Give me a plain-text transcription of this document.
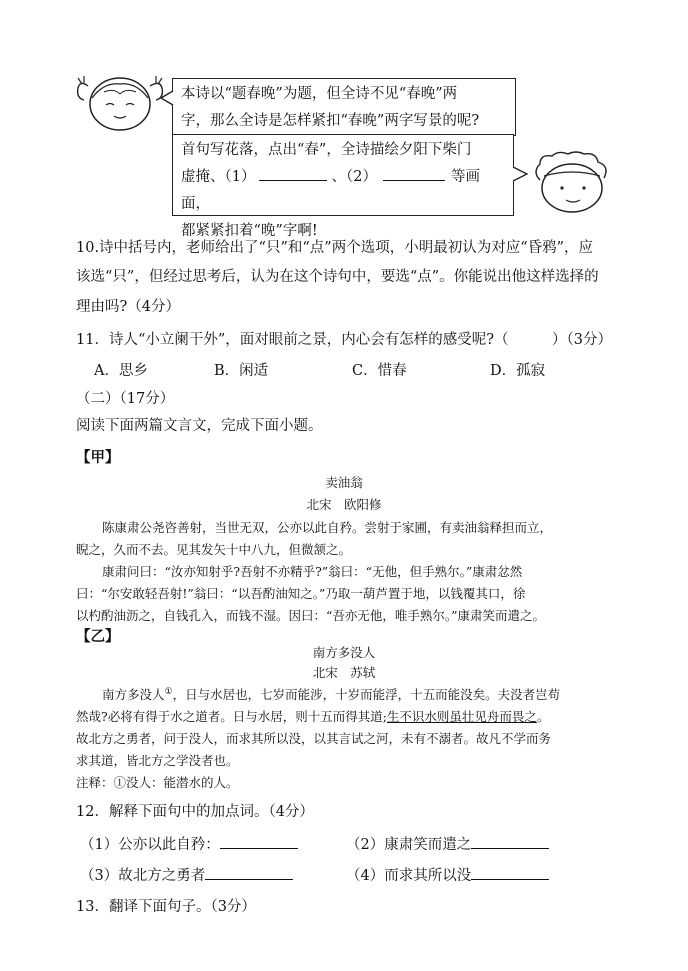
本诗以“题春晚”为题，但全诗不见“春晚”两
字，那么全诗是怎样紧扣“春晚”两字写景的呢?
首句写花落，点出“春”，全诗描绘夕阳下柴门
虚掩、（1）	、（2）	等画面，
都紧紧扣着“晚”字啊!
10.诗中括号内，老师给出了“只”和“点”两个选项，小明最初认为对应“昏鸦”，应
该选“只”，但经过思考后，认为在这个诗句中，要选“点”。你能说出他这样选择的
理由吗?（4分）
11．诗人“小立阑干外”，面对眼前之景，内心会有怎样的感受呢?（	）（3分）
A．思乡	B．闲适	C．惜春	D．孤寂
（二）（17分）
阅读下面两篇文言文，完成下面小题。
【甲】
卖油翁
北宋　欧阳修
陈康肃公尧咨善射，当世无双，公亦以此自矜。尝射于家圃，有卖油翁释担而立，
睨之，久而不去。见其发矢十中八九，但微颔之。
康肃问曰：“汝亦知射乎?吾射不亦精乎?”翁曰：“无他，但手熟尔。”康肃忿然
曰：“尔安敢轻吾射!”翁曰：“以吾酌油知之。”乃取一葫芦置于地，以钱覆其口，徐
以杓酌油沥之，自钱孔入，而钱不湿。因曰：“吾亦无他，唯手熟尔。”康肃笑而遣之。
【乙】
南方多没人
北宋　苏轼
南方多没人①，日与水居也，七岁而能涉，十岁而能浮，十五而能没矣。夫没者岂苟
然哉?必将有得于水之道者。日与水居，则十五而得其道;生不识水则虽壮见舟而畏之。
故北方之勇者，问于没人，而求其所以没，以其言试之河，未有不溺者。故凡不学而务
求其道，皆北方之学没者也。
注释：①没人：能潜水的人。
12．解释下面句中的加点词。（4分）
（1）公亦以此自矜：	（2）康肃笑而遣之
（3）故北方之勇者	（4）而求其所以没
13．翻译下面句子。（3分）
